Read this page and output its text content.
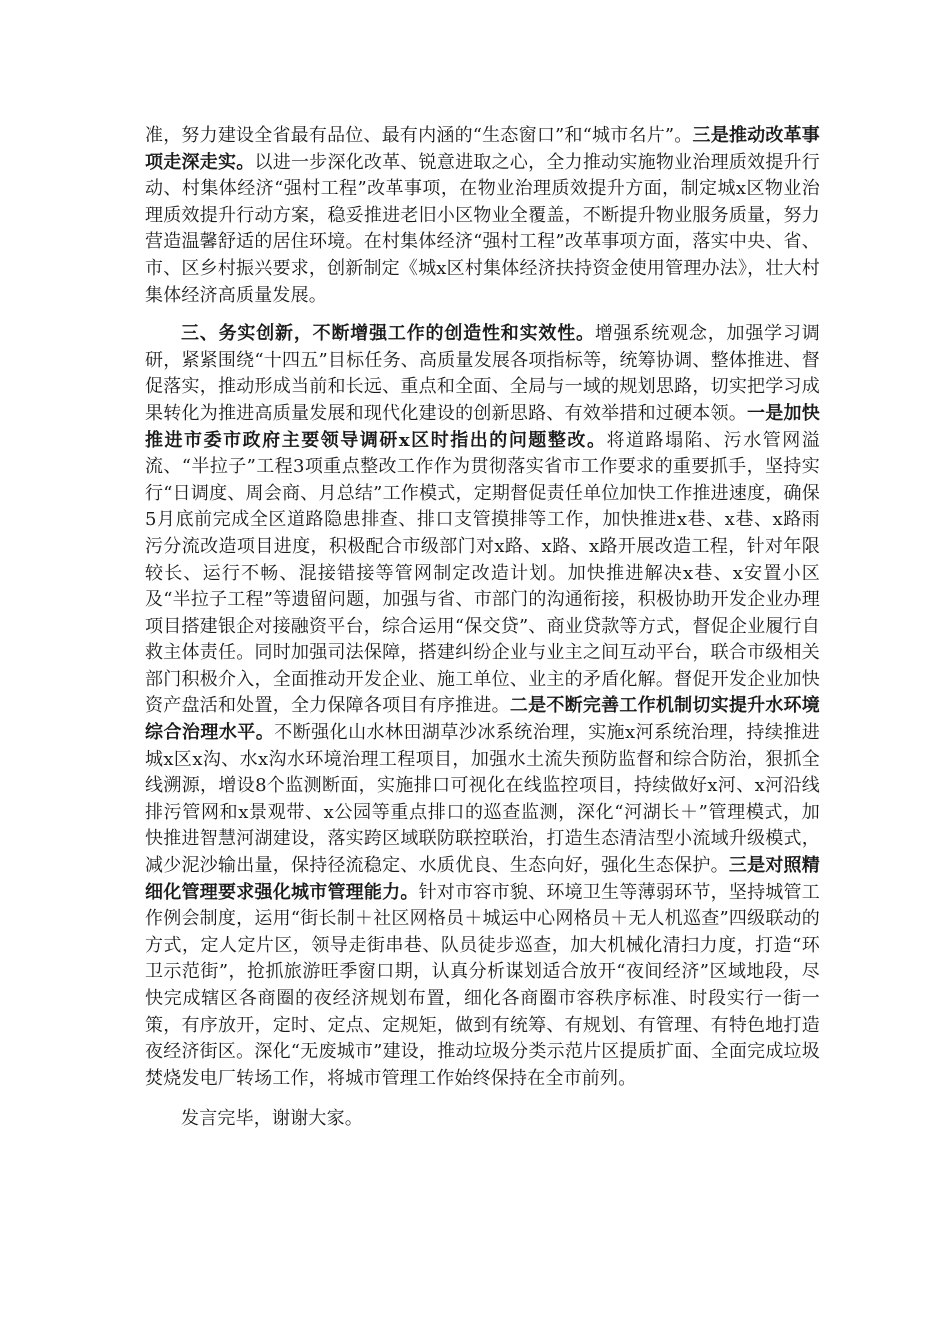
准，努力建设全省最有品位、最有内涵的“生态窗口”和“城市名片”。三是推动改革事项走深走实。以进一步深化改革、锐意进取之心，全力推动实施物业治理质效提升行动、村集体经济“强村工程”改革事项，在物业治理质效提升方面，制定城x区物业治理质效提升行动方案，稳妥推进老旧小区物业全覆盖，不断提升物业服务质量，努力营造温馨舒适的居住环境。在村集体经济“强村工程”改革事项方面，落实中央、省、市、区乡村振兴要求，创新制定《城x区村集体经济扶持资金使用管理办法》，壮大村集体经济高质量发展。

三、务实创新，不断增强工作的创造性和实效性。增强系统观念，加强学习调研，紧紧围绕“十四五”目标任务、高质量发展各项指标等，统筹协调、整体推进、督促落实，推动形成当前和长远、重点和全面、全局与一域的规划思路，切实把学习成果转化为推进高质量发展和现代化建设的创新思路、有效举措和过硬本领。一是加快推进市委市政府主要领导调研x区时指出的问题整改。将道路塌陷、污水管网溢流、“半拉子”工程3项重点整改工作作为贯彻落实省市工作要求的重要抓手，坚持实行“日调度、周会商、月总结”工作模式，定期督促责任单位加快工作推进速度，确保5月底前完成全区道路隐患排查、排口支管摸排等工作，加快推进x巷、x巷、x路雨污分流改造项目进度，积极配合市级部门对x路、x路、x路开展改造工程，针对年限较长、运行不畅、混接错接等管网制定改造计划。加快推进解决x巷、x安置小区及“半拉子工程”等遗留问题，加强与省、市部门的沟通衔接，积极协助开发企业办理项目搭建银企对接融资平台，综合运用“保交贷”、商业贷款等方式，督促企业履行自救主体责任。同时加强司法保障，搭建纠纷企业与业主之间互动平台，联合市级相关部门积极介入，全面推动开发企业、施工单位、业主的矛盾化解。督促开发企业加快资产盘活和处置，全力保障各项目有序推进。二是不断完善工作机制切实提升水环境综合治理水平。不断强化山水林田湖草沙冰系统治理，实施x河系统治理，持续推进城x区x沟、水x沟水环境治理工程项目，加强水土流失预防监督和综合防治，狠抓全线溯源，增设8个监测断面，实施排口可视化在线监控项目，持续做好x河、x河沿线排污管网和x景观带、x公园等重点排口的巡查监测，深化“河湖长＋”管理模式，加快推进智慧河湖建设，落实跨区域联防联控联治，打造生态清洁型小流域升级模式，减少泥沙输出量，保持径流稳定、水质优良、生态向好，强化生态保护。三是对照精细化管理要求强化城市管理能力。针对市容市貌、环境卫生等薄弱环节，坚持城管工作例会制度，运用“街长制＋社区网格员＋城运中心网格员＋无人机巡查”四级联动的方式，定人定片区，领导走街串巷、队员徒步巡查，加大机械化清扫力度，打造“环卫示范街”，抢抓旅游旺季窗口期，认真分析谋划适合放开“夜间经济”区域地段，尽快完成辖区各商圈的夜经济规划布置，细化各商圈市容秩序标准、时段实行一街一策，有序放开，定时、定点、定规矩，做到有统筹、有规划、有管理、有特色地打造夜经济街区。深化“无废城市”建设，推动垃圾分类示范片区提质扩面、全面完成垃圾焚烧发电厂转场工作，将城市管理工作始终保持在全市前列。

发言完毕，谢谢大家。
